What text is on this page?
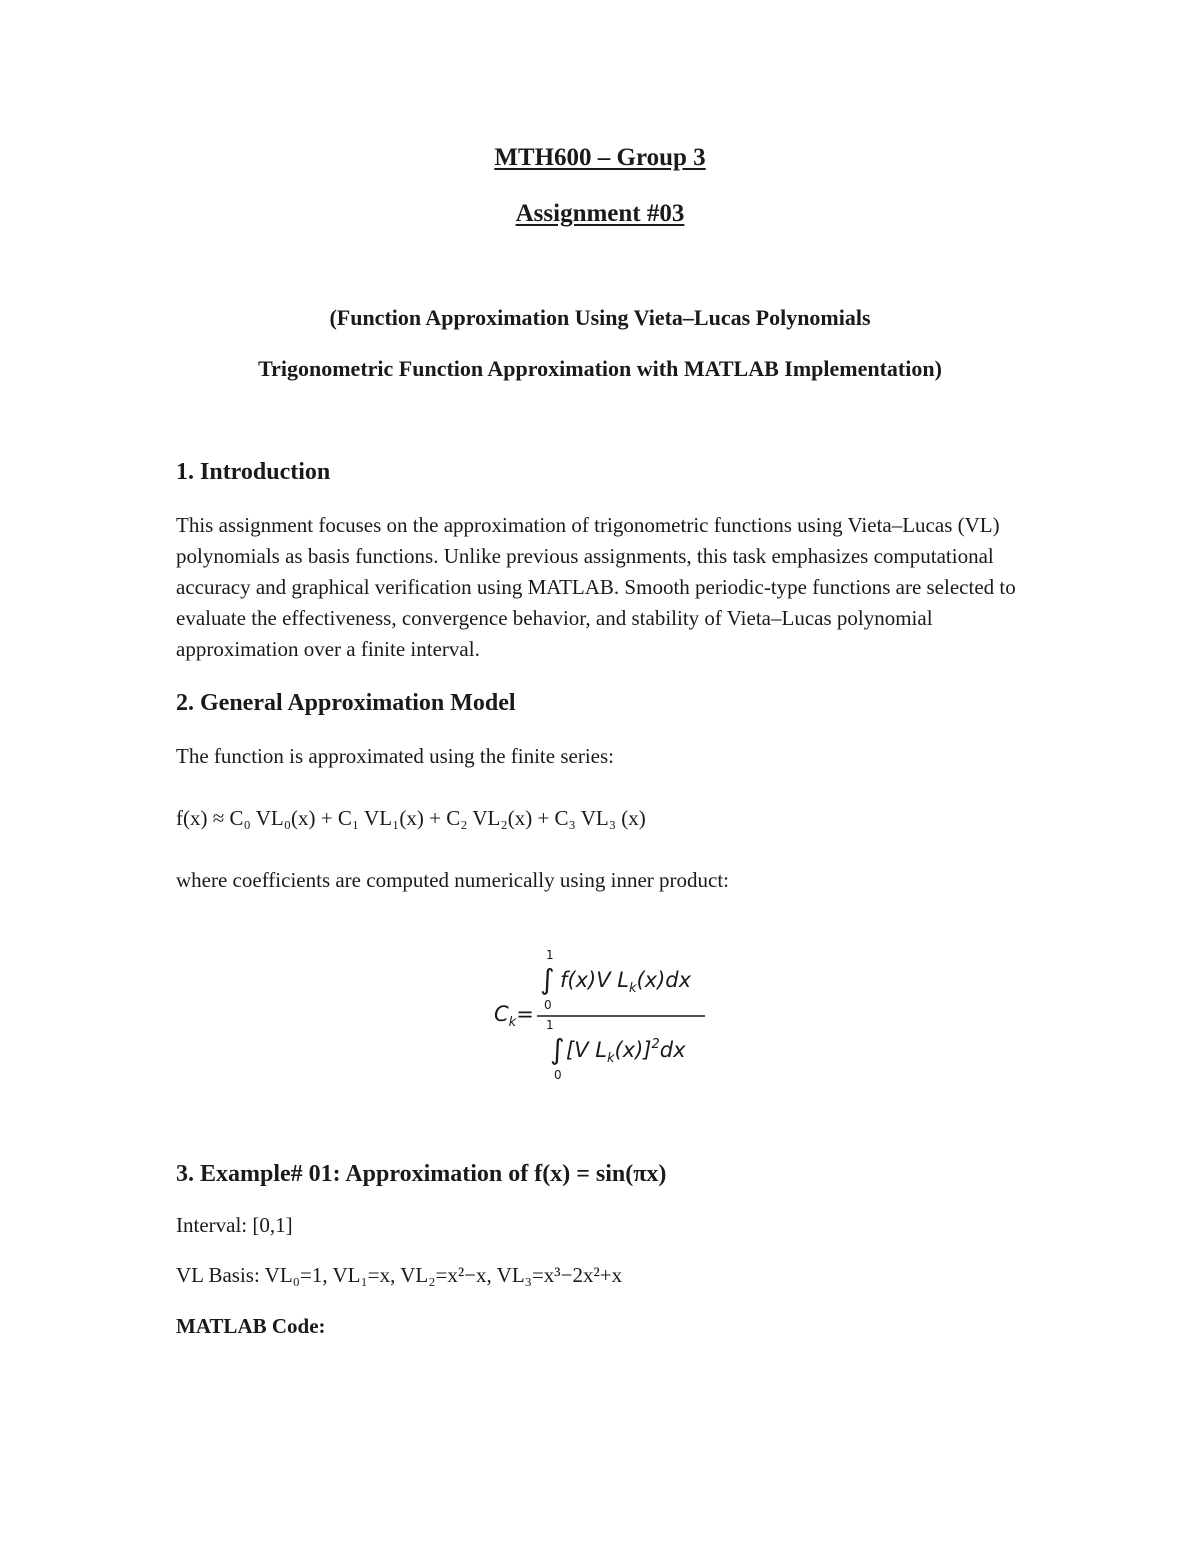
MTH600 – Group 3
Assignment #03
(Function Approximation Using Vieta–Lucas Polynomials
Trigonometric Function Approximation with MATLAB Implementation)
1. Introduction
This assignment focuses on the approximation of trigonometric functions using Vieta–Lucas (VL) polynomials as basis functions. Unlike previous assignments, this task emphasizes computational accuracy and graphical verification using MATLAB. Smooth periodic-type functions are selected to evaluate the effectiveness, convergence behavior, and stability of Vieta–Lucas polynomial approximation over a finite interval.
2. General Approximation Model
The function is approximated using the finite series:
f(x) ≈ C₀ VL₀(x) + C₁ VL₁(x) + C₂ VL₂(x) + C₃ VL₃ (x)
where coefficients are computed numerically using inner product:
1
∫
0
f(x)V $L_k(x)dx$
$C_k= 1$
∫
0
[V $L_k(x)]^2dx$
3. Example# 01: Approximation of f(x) = sin(πx)
Interval: [0,1]
VL Basis: VL₀=1, VL₁=x, VL₂=x²−x, VL₃=x³−2x²+x
MATLAB Code:
